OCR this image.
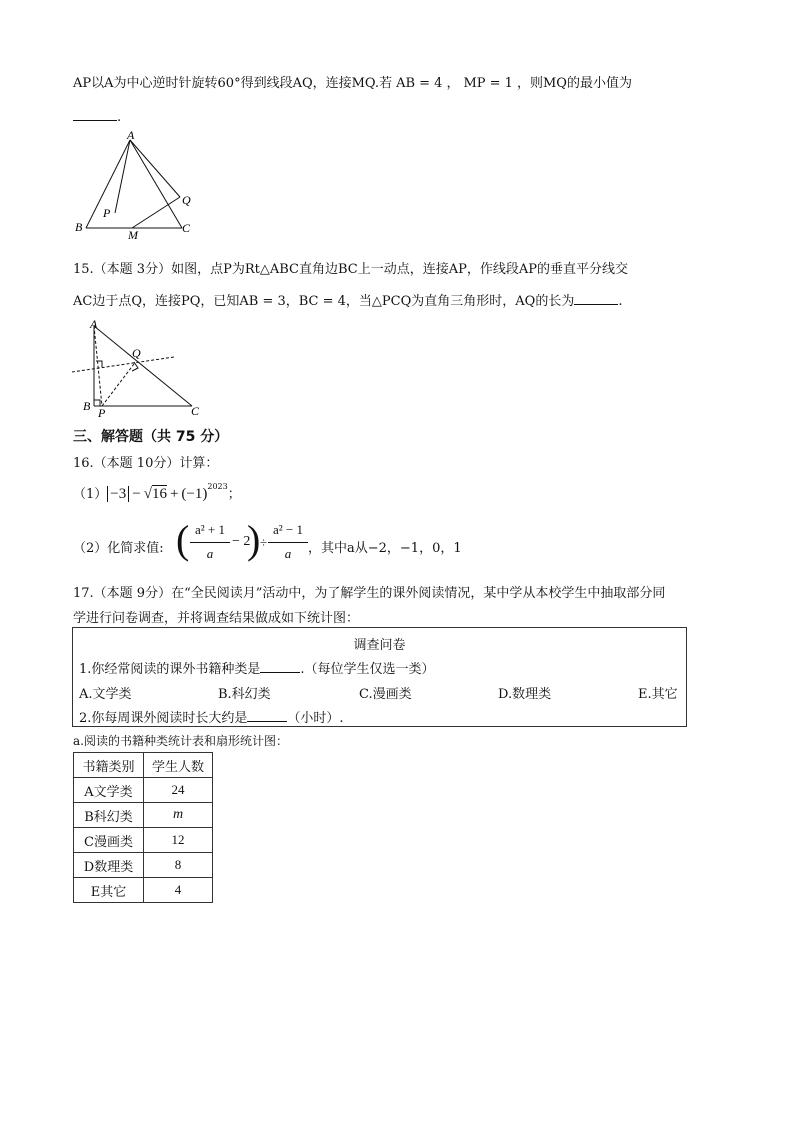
AP以A为中心逆时针旋转60°得到线段AQ，连接MQ.若 AB = 4 ， MP = 1 ，则MQ的最小值为
.
A
B	C
M
P
Q
15.（本题 3分）如图，点P为Rt△ABC直角边BC上一动点，连接AP，作线段AP的垂直平分线交
AC边于点Q，连接PQ，已知AB = 3，BC = 4，当△PCQ为直角三角形时，AQ的长为	.
A
B	C
P
Q
三、解答题（共 75 分）
16.（本题 10分）计算：
$(1) -3 - √16 + (-1)^{2023}$；
（2）化简求值: ( a² + 1
a
− 2
) ÷
a² − 1
a	，其中a从−2，−1，0，1
17.（本题 9分）在“全民阅读月”活动中，为了解学生的课外阅读情况，某中学从本校学生中抽取部分同
学进行问卷调查，并将调查结果做成如下统计图：
调查问卷
1.你经常阅读的课外书籍种类是	.（每位学生仅选一类）
A.文学类	B.科幻类	C.漫画类	D.数理类	E.其它
2.你每周课外阅读时长大约是	（小时）.
a.阅读的书籍种类统计表和扇形统计图：
书籍类别	学生人数
A文学类	24
B科幻类	m
C漫画类	12
D数理类	8
E其它	4
